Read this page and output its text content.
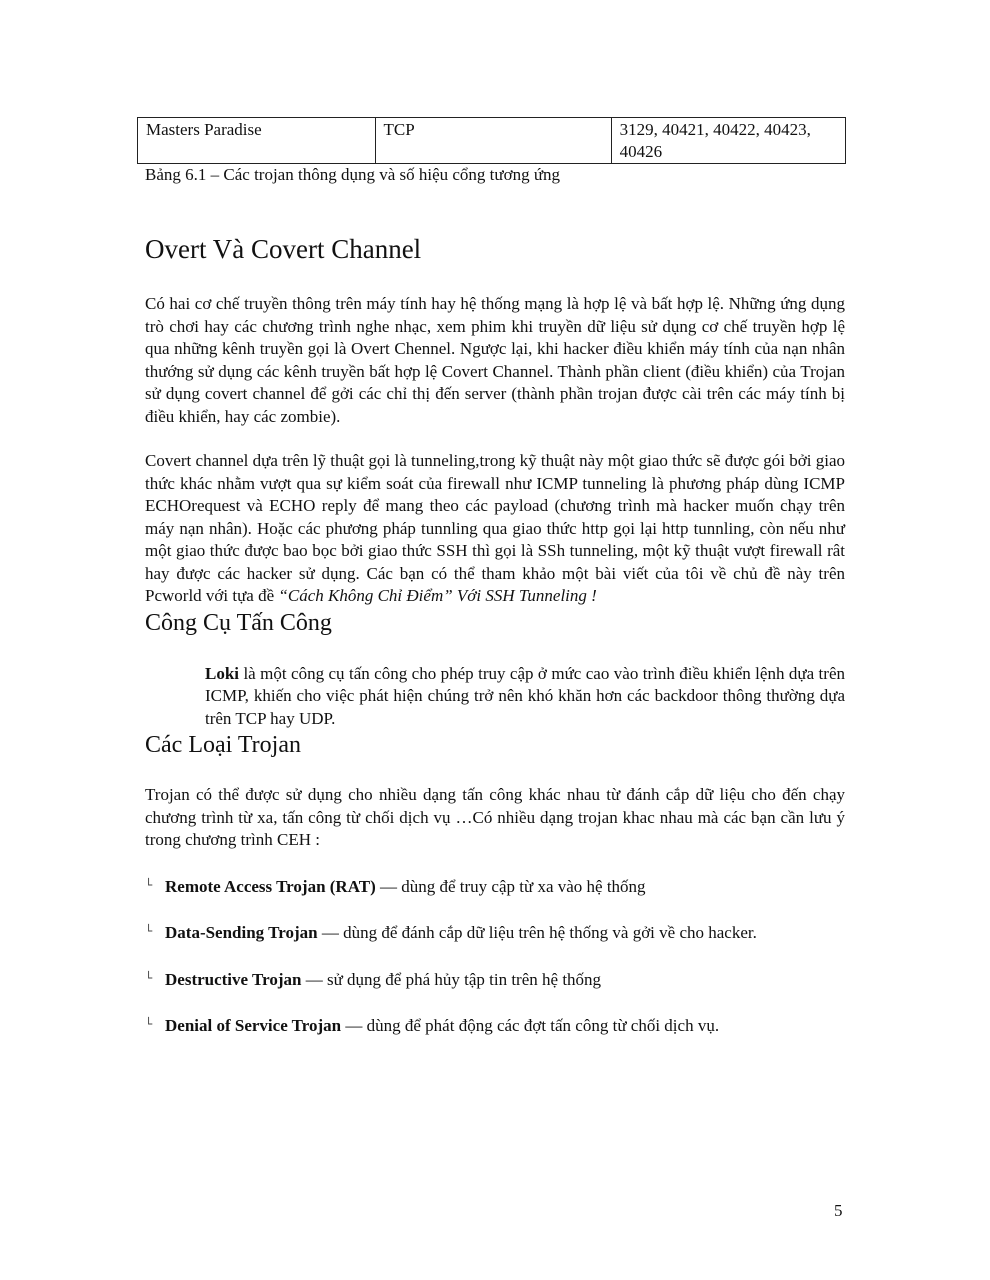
Masters Paradise	TCP	3129, 40421, 40422, 40423, 40426
Bảng 6.1 – Các trojan thông dụng và số hiệu cổng tương ứng
Overt Và Covert Channel

Có hai cơ chế truyền thông trên máy tính hay hệ thống mạng là hợp lệ và bất hợp lệ. Những ứng dụng trò chơi hay các chương trình nghe nhạc, xem phim khi truyền dữ liệu sử dụng cơ chế truyền hợp lệ qua những kênh truyền gọi là Overt Chennel. Ngược lại, khi hacker điều khiển máy tính của nạn nhân thướng sử dụng các kênh truyền bất hợp lệ Covert Channel. Thành phần client (điều khiển) của Trojan sử dụng covert channel để gởi các chỉ thị đến server (thành phần trojan được cài trên các máy tính bị điều khiển, hay các zombie).

Covert channel dựa trên lỹ thuật gọi là tunneling,trong kỹ thuật này một giao thức sẽ được gói bởi giao thức khác nhằm vượt qua sự kiểm soát của firewall như ICMP tunneling là phương pháp dùng ICMP ECHOrequest và ECHO reply để mang theo các payload (chương trình mà hacker muốn chạy trên máy nạn nhân). Hoặc các phương pháp tunnling qua giao thức http gọi lại http tunnling, còn nếu như một giao thức được bao bọc bởi giao thức SSH thì gọi là SSh tunneling, một kỹ thuật vượt firewall rât hay được các hacker sử dụng. Các bạn có thể tham khảo một bài viết của tôi về chủ đề này trên Pcworld với tựa đề “Cách Không Chỉ Điểm” Với SSH Tunneling !

Công Cụ Tấn Công

Loki là một công cụ tấn công cho phép truy cập ở mức cao vào trình điều khiển lệnh dựa trên ICMP, khiến cho việc phát hiện chúng trở nên khó khăn hơn các backdoor thông thường dựa trên TCP hay UDP.

Các Loại Trojan

Trojan có thể được sử dụng cho nhiều dạng tấn công khác nhau từ đánh cắp dữ liệu cho đến chạy chương trình từ xa, tấn công từ chối dịch vụ …Có nhiều dạng trojan khac nhau mà các bạn cần lưu ý trong chương trình CEH :

└ Remote Access Trojan (RAT) — dùng để truy cập từ xa vào hệ thống
└ Data-Sending Trojan — dùng để đánh cắp dữ liệu trên hệ thống và gởi về cho hacker.
└ Destructive Trojan — sử dụng để phá hủy tập tin trên hệ thống
└ Denial of Service Trojan — dùng để phát động các đợt tấn công từ chối dịch vụ.
5
